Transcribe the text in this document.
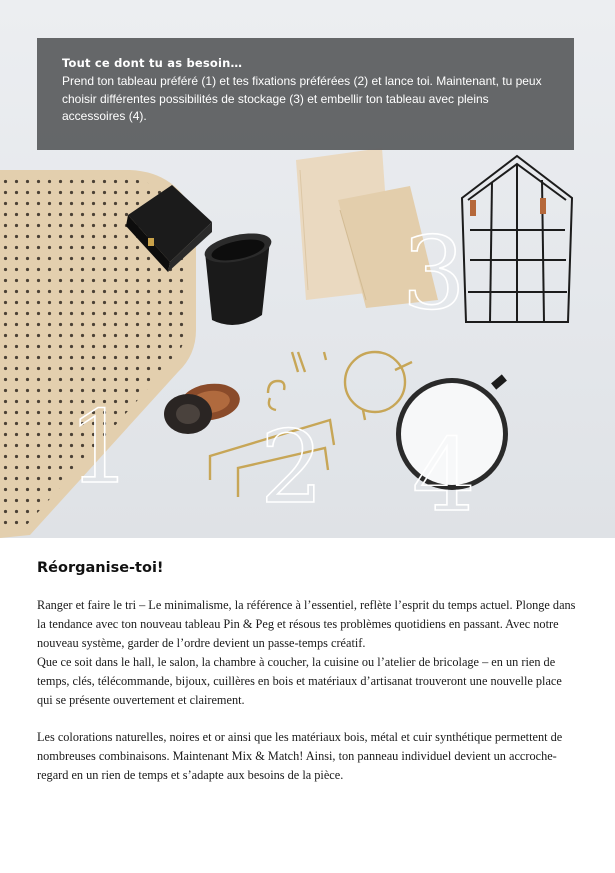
1 2
3
4
Tout ce dont tu as besoin…

Prend ton tableau préféré (1) et tes fixations préférées (2) et lance toi. Maintenant, tu peux choisir différentes possibilités de stockage (3) et embellir ton tableau avec pleins accessoires (4).

Réorganise-toi!

Ranger et faire le tri – Le minimalisme, la référence à l’essentiel, reflète l’esprit du temps actuel. Plonge dans la tendance avec ton nouveau tableau Pin & Peg et résous tes problèmes quotidiens en passant. Avec notre nouveau système, garder de l’ordre devient un passe-temps créatif.
Que ce soit dans le hall, le salon, la chambre à coucher, la cuisine ou l’atelier de bricolage – en un rien de temps, clés, télécommande, bijoux, cuillères en bois et matériaux d’artisanat trouveront une nouvelle place qui se présente ouvertement et clairement.

Les colorations naturelles, noires et or ainsi que les matériaux bois, métal et cuir synthétique permettent de nombreuses combinaisons. Maintenant Mix & Match! Ainsi, ton panneau individuel devient un accroche-regard en un rien de temps et s’adapte aux besoins de la pièce.
